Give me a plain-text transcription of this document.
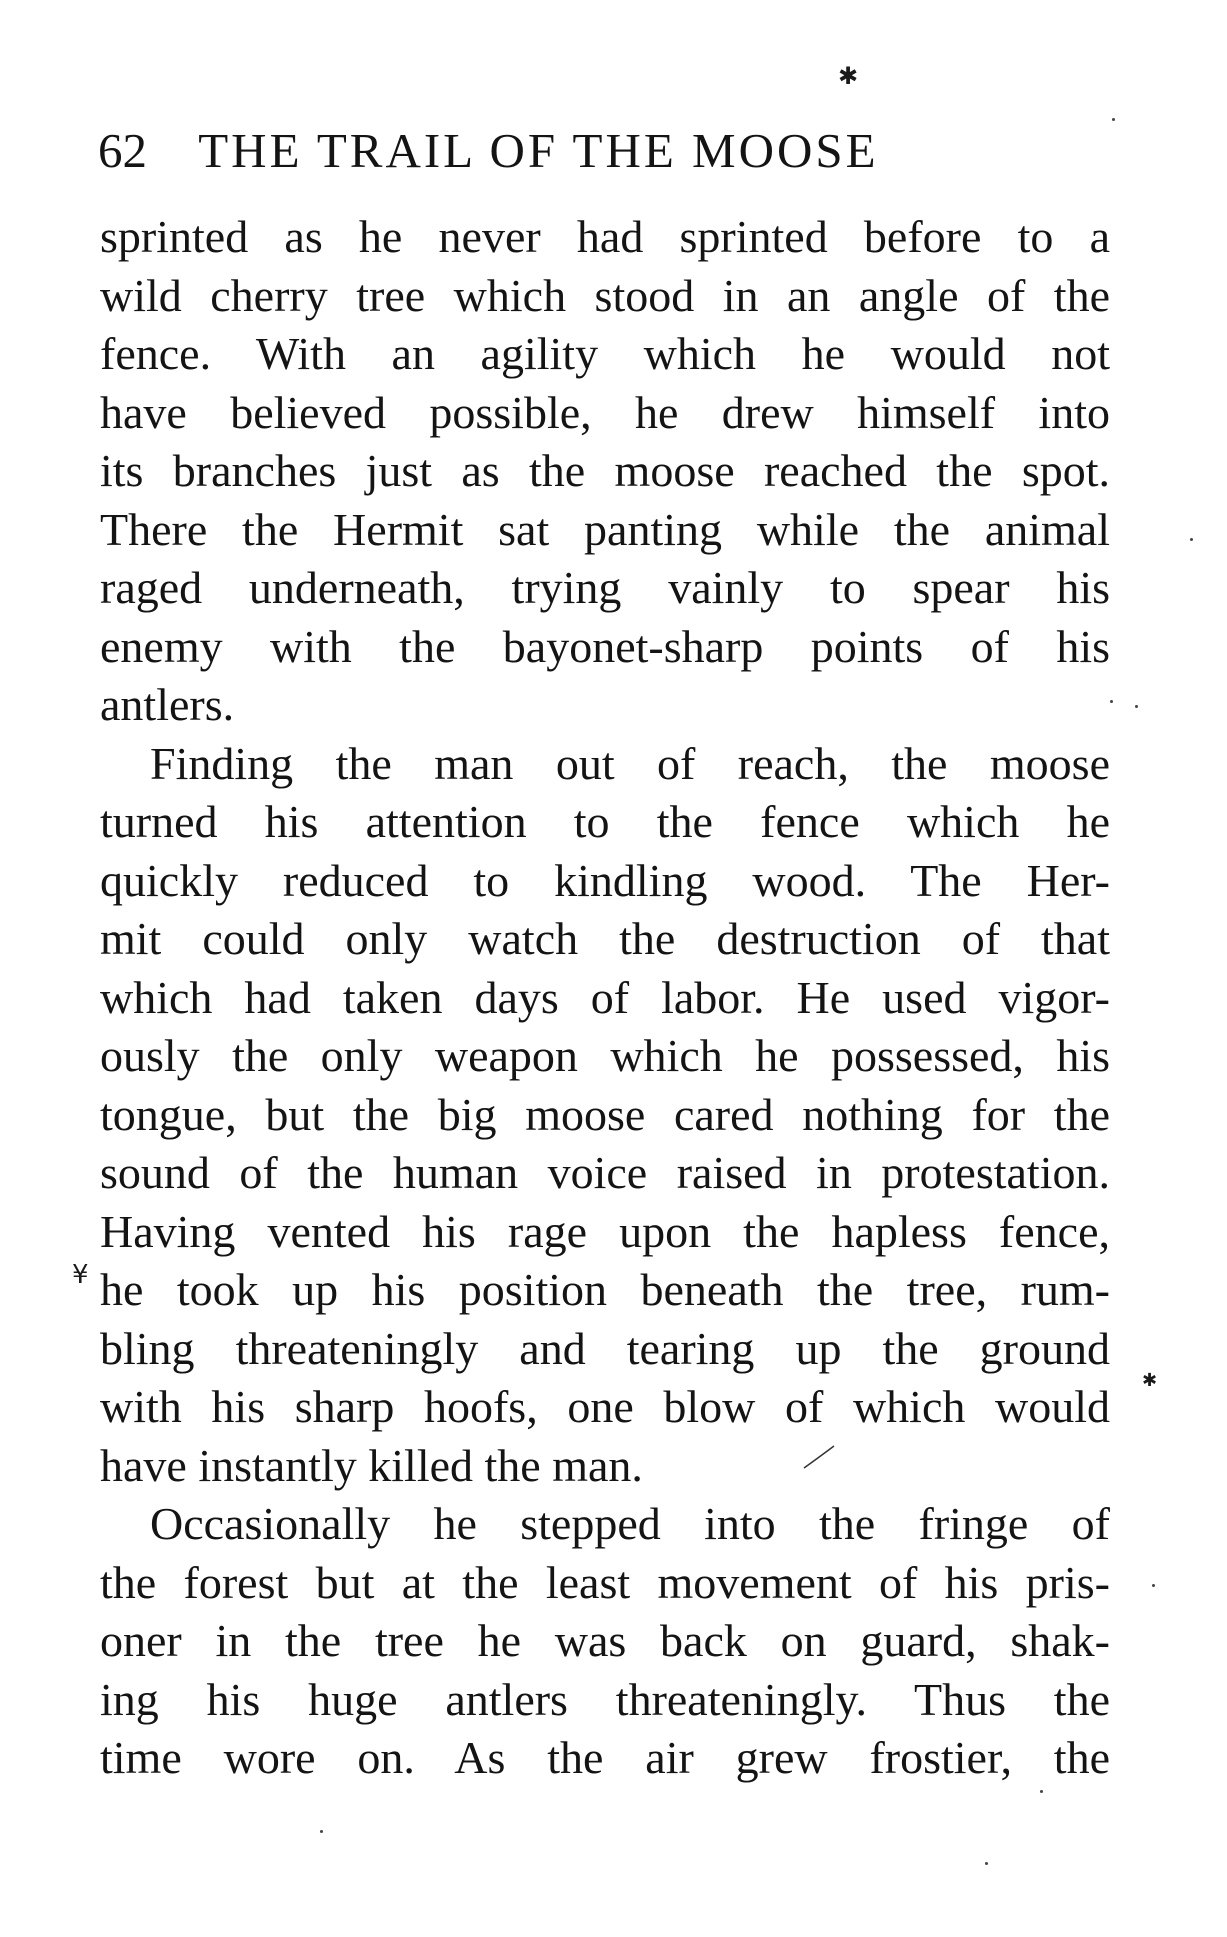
✱
62 THE TRAIL OF THE MOOSE
sprinted as he never had sprinted before to a
wild cherry tree which stood in an angle of the
fence. With an agility which he would not
have believed possible, he drew himself into
its branches just as the moose reached the spot.
There the Hermit sat panting while the animal
raged underneath, trying vainly to spear his
enemy with the bayonet-sharp points of his
antlers.
Finding the man out of reach, the moose
turned his attention to the fence which he
quickly reduced to kindling wood. The Her-
mit could only watch the destruction of that
which had taken days of labor. He used vigor-
ously the only weapon which he possessed, his
tongue, but the big moose cared nothing for the
sound of the human voice raised in protestation.
Having vented his rage upon the hapless fence,
he took up his position beneath the tree, rum-
bling threateningly and tearing up the ground
with his sharp hoofs, one blow of which would
have instantly killed the man.
Occasionally he stepped into the fringe of
the forest but at the least movement of his pris-
oner in the tree he was back on guard, shak-
ing his huge antlers threateningly. Thus the
time wore on. As the air grew frostier, the
¥
✱
